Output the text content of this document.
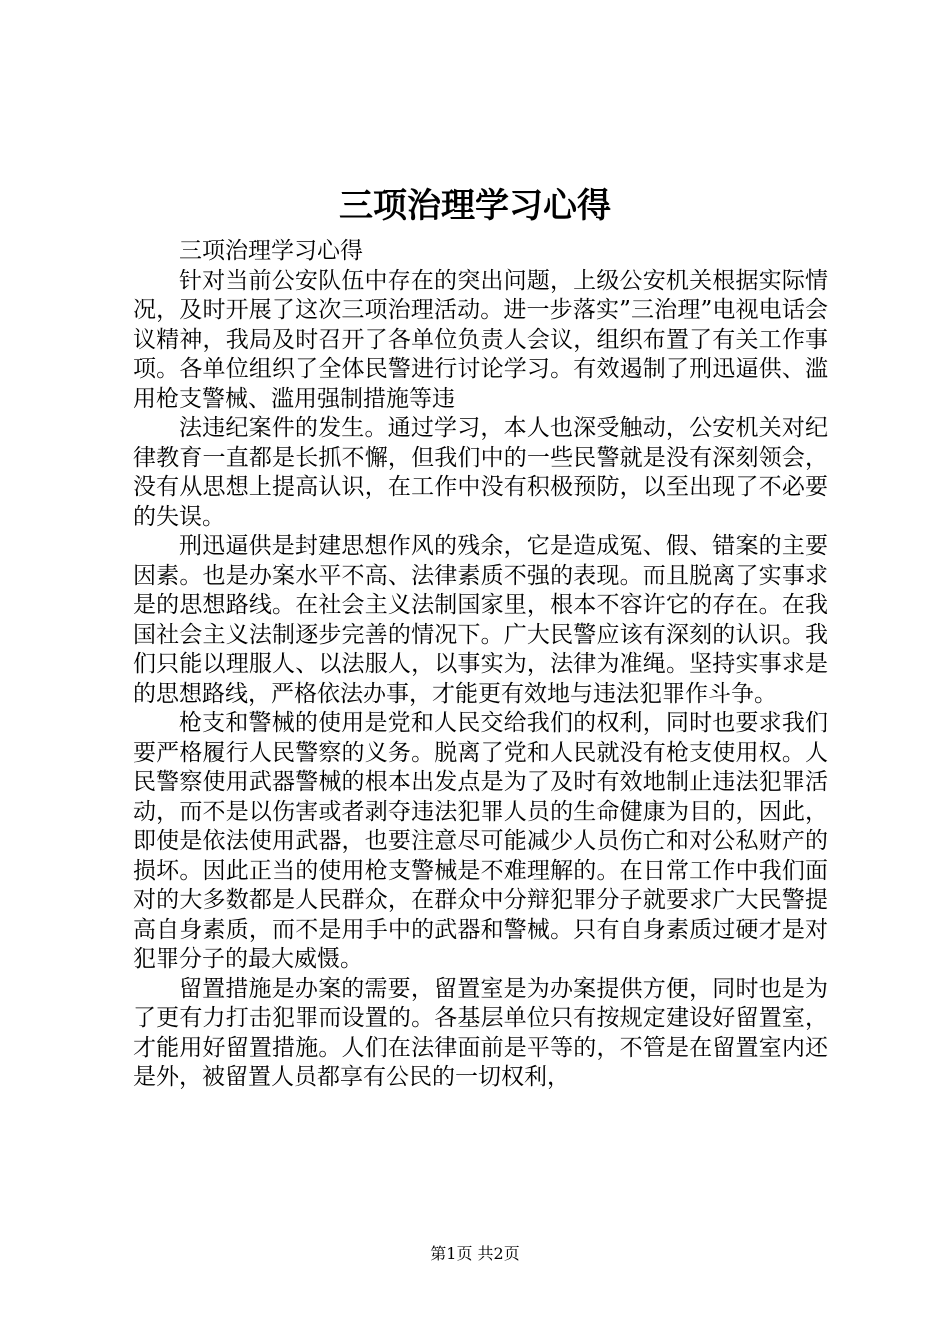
三项治理学习心得

三项治理学习心得

针对当前公安队伍中存在的突出问题，上级公安机关根据实际情况，及时开展了这次三项治理活动。进一步落实”三治理”电视电话会议精神，我局及时召开了各单位负责人会议，组织布置了有关工作事项。各单位组织了全体民警进行讨论学习。有效遏制了刑迅逼供、滥用枪支警械、滥用强制措施等违

法违纪案件的发生。通过学习，本人也深受触动，公安机关对纪律教育一直都是长抓不懈，但我们中的一些民警就是没有深刻领会，没有从思想上提高认识，在工作中没有积极预防，以至出现了不必要的失误。

刑迅逼供是封建思想作风的残余，它是造成冤、假、错案的主要因素。也是办案水平不高、法律素质不强的表现。而且脱离了实事求是的思想路线。在社会主义法制国家里，根本不容许它的存在。在我国社会主义法制逐步完善的情况下。广大民警应该有深刻的认识。我们只能以理服人、以法服人，以事实为，法律为准绳。坚持实事求是的思想路线，严格依法办事，才能更有效地与违法犯罪作斗争。

枪支和警械的使用是党和人民交给我们的权利，同时也要求我们要严格履行人民警察的义务。脱离了党和人民就没有枪支使用权。人民警察使用武器警械的根本出发点是为了及时有效地制止违法犯罪活动，而不是以伤害或者剥夺违法犯罪人员的生命健康为目的，因此，即使是依法使用武器，也要注意尽可能减少人员伤亡和对公私财产的损坏。因此正当的使用枪支警械是不难理解的。在日常工作中我们面对的大多数都是人民群众，在群众中分辩犯罪分子就要求广大民警提高自身素质，而不是用手中的武器和警械。只有自身素质过硬才是对犯罪分子的最大威慑。

留置措施是办案的需要，留置室是为办案提供方便，同时也是为了更有力打击犯罪而设置的。各基层单位只有按规定建设好留置室，才能用好留置措施。人们在法律面前是平等的，不管是在留置室内还是外，被留置人员都享有公民的一切权利，

第1页 共2页
